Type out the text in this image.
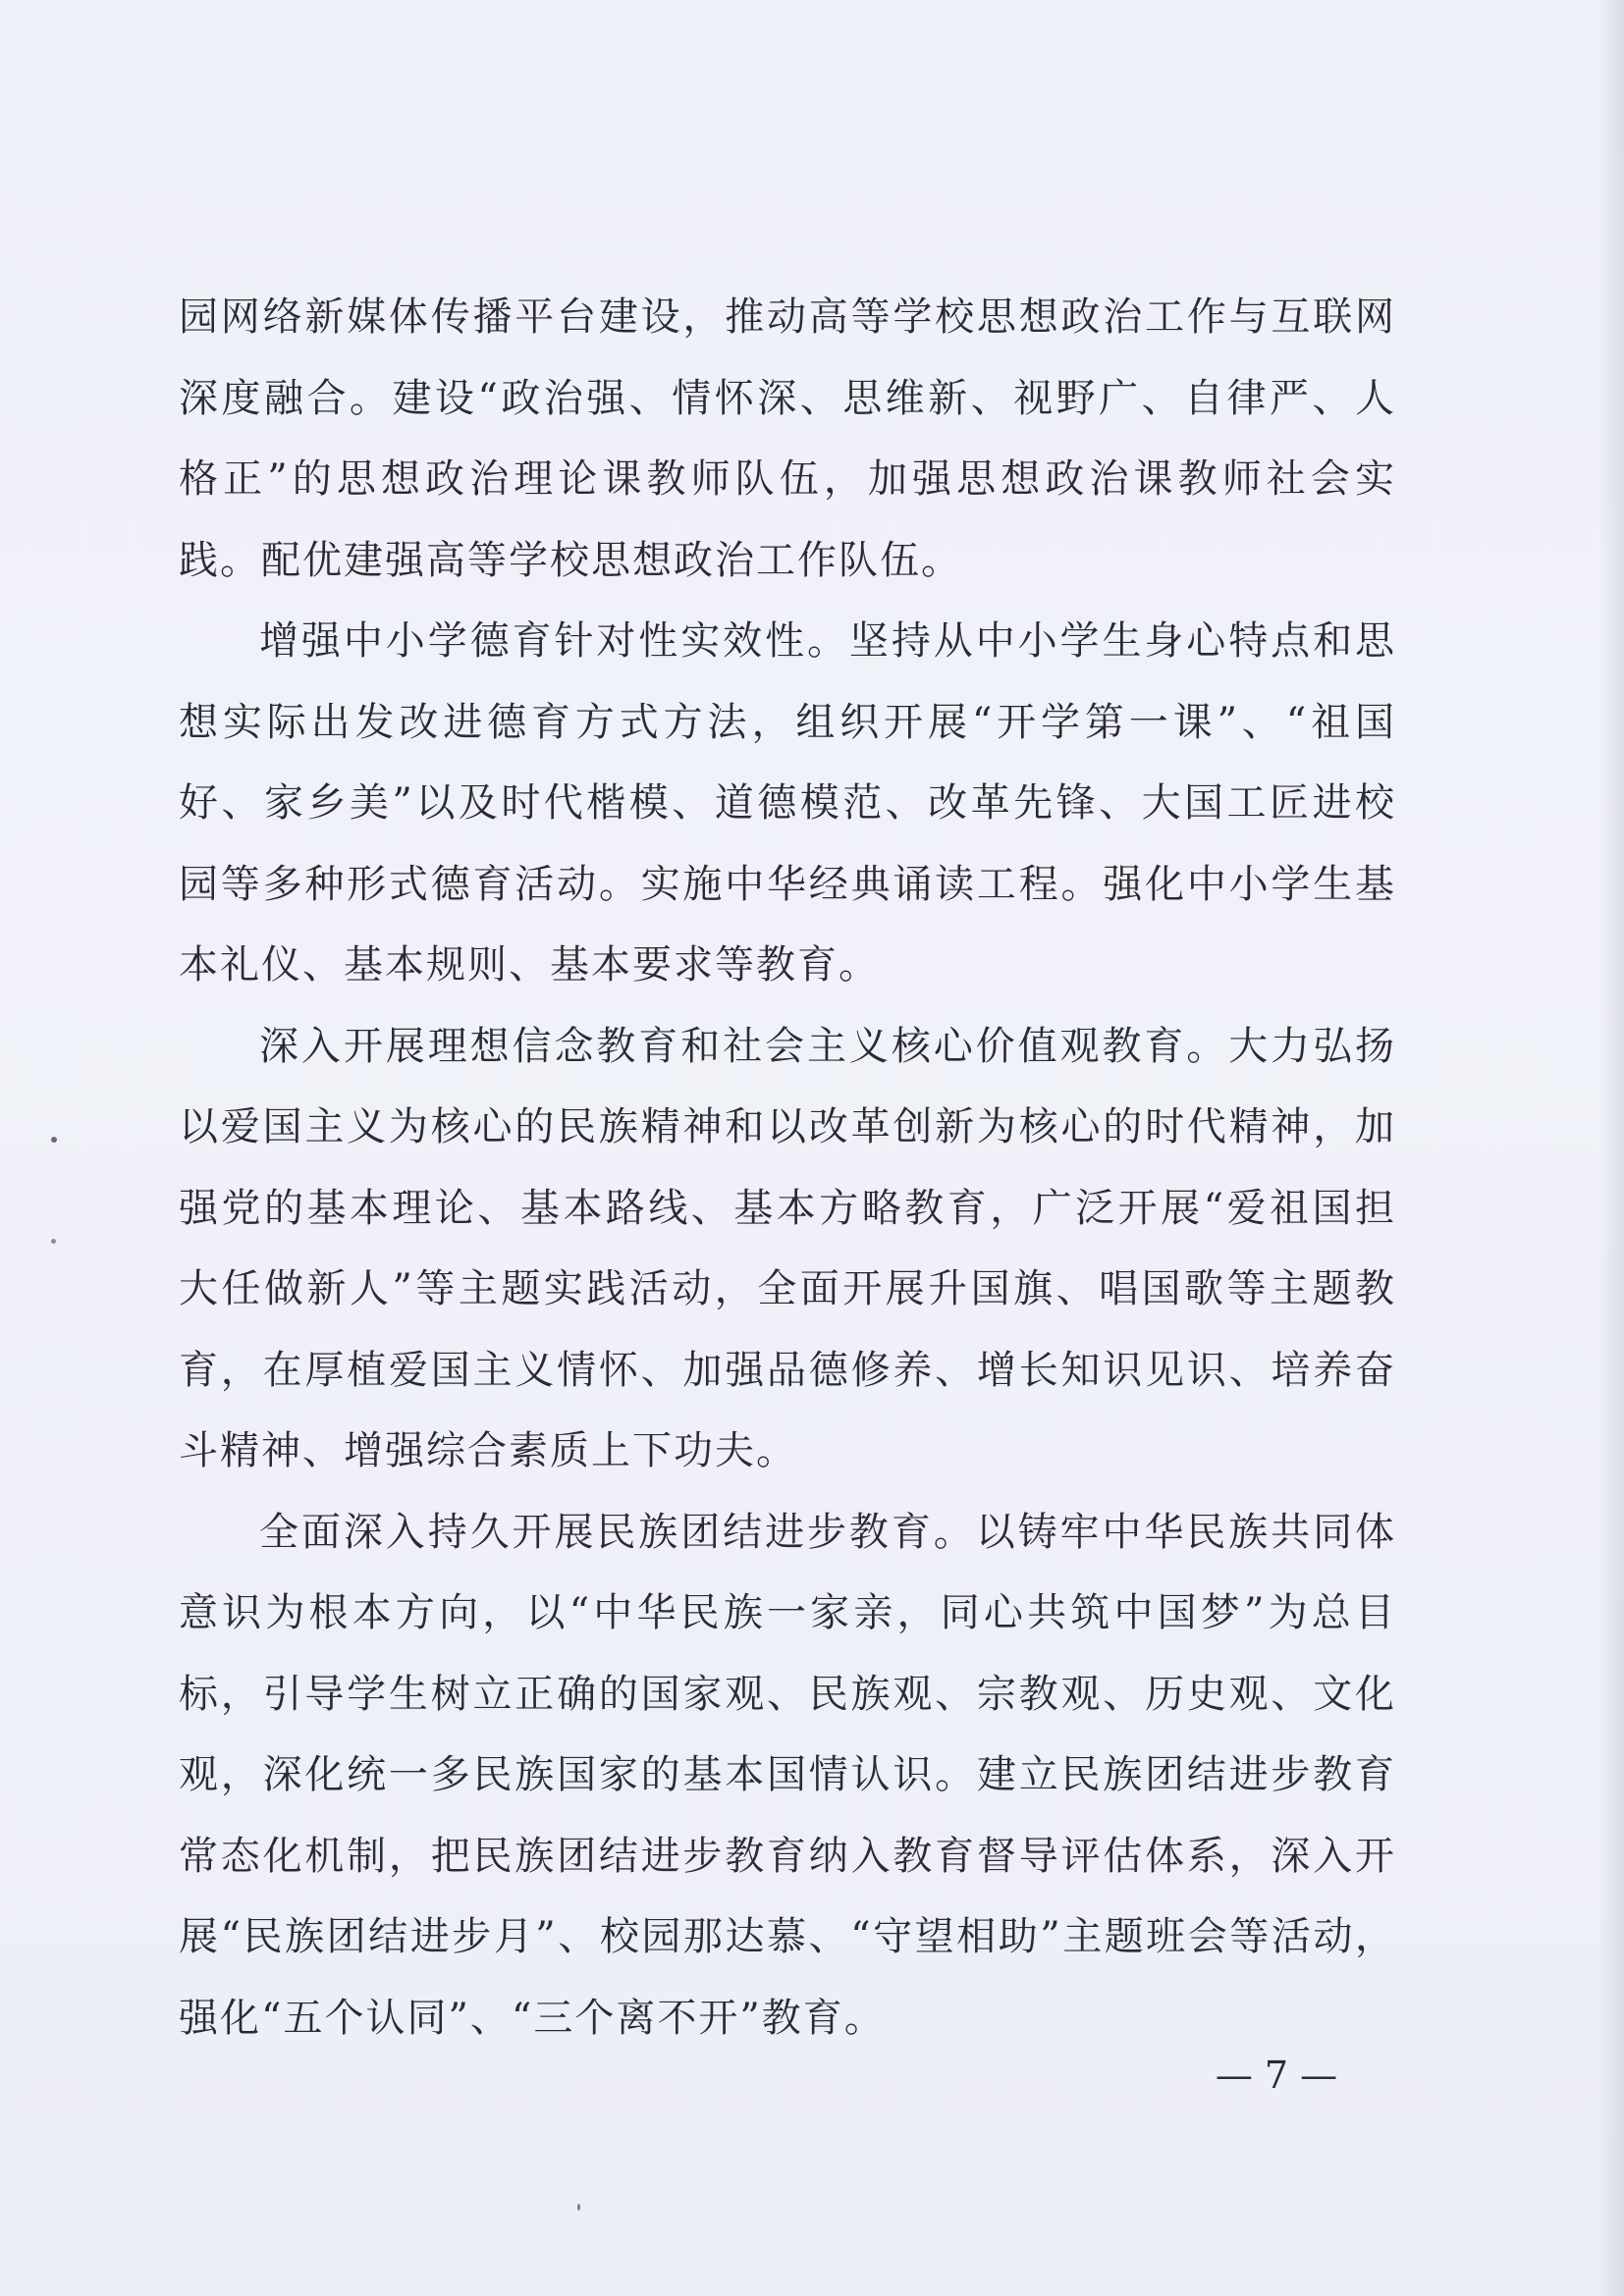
园网络新媒体传播平台建设，推动高等学校思想政治工作与互联网深度融合。建设“政治强、情怀深、思维新、视野广、自律严、人格正”的思想政治理论课教师队伍，加强思想政治课教师社会实践。配优建强高等学校思想政治工作队伍。

增强中小学德育针对性实效性。坚持从中小学生身心特点和思想实际出发改进德育方式方法，组织开展“开学第一课”、“祖国好、家乡美”以及时代楷模、道德模范、改革先锋、大国工匠进校园等多种形式德育活动。实施中华经典诵读工程。强化中小学生基本礼仪、基本规则、基本要求等教育。

深入开展理想信念教育和社会主义核心价值观教育。大力弘扬以爱国主义为核心的民族精神和以改革创新为核心的时代精神，加强党的基本理论、基本路线、基本方略教育，广泛开展“爱祖国担大任做新人”等主题实践活动，全面开展升国旗、唱国歌等主题教育，在厚植爱国主义情怀、加强品德修养、增长知识见识、培养奋斗精神、增强综合素质上下功夫。

全面深入持久开展民族团结进步教育。以铸牢中华民族共同体意识为根本方向，以“中华民族一家亲，同心共筑中国梦”为总目标，引导学生树立正确的国家观、民族观、宗教观、历史观、文化观，深化统一多民族国家的基本国情认识。建立民族团结进步教育常态化机制，把民族团结进步教育纳入教育督导评估体系，深入开展“民族团结进步月”、校园那达慕、“守望相助”主题班会等活动，强化“五个认同”、“三个离不开”教育。

— 7 —
